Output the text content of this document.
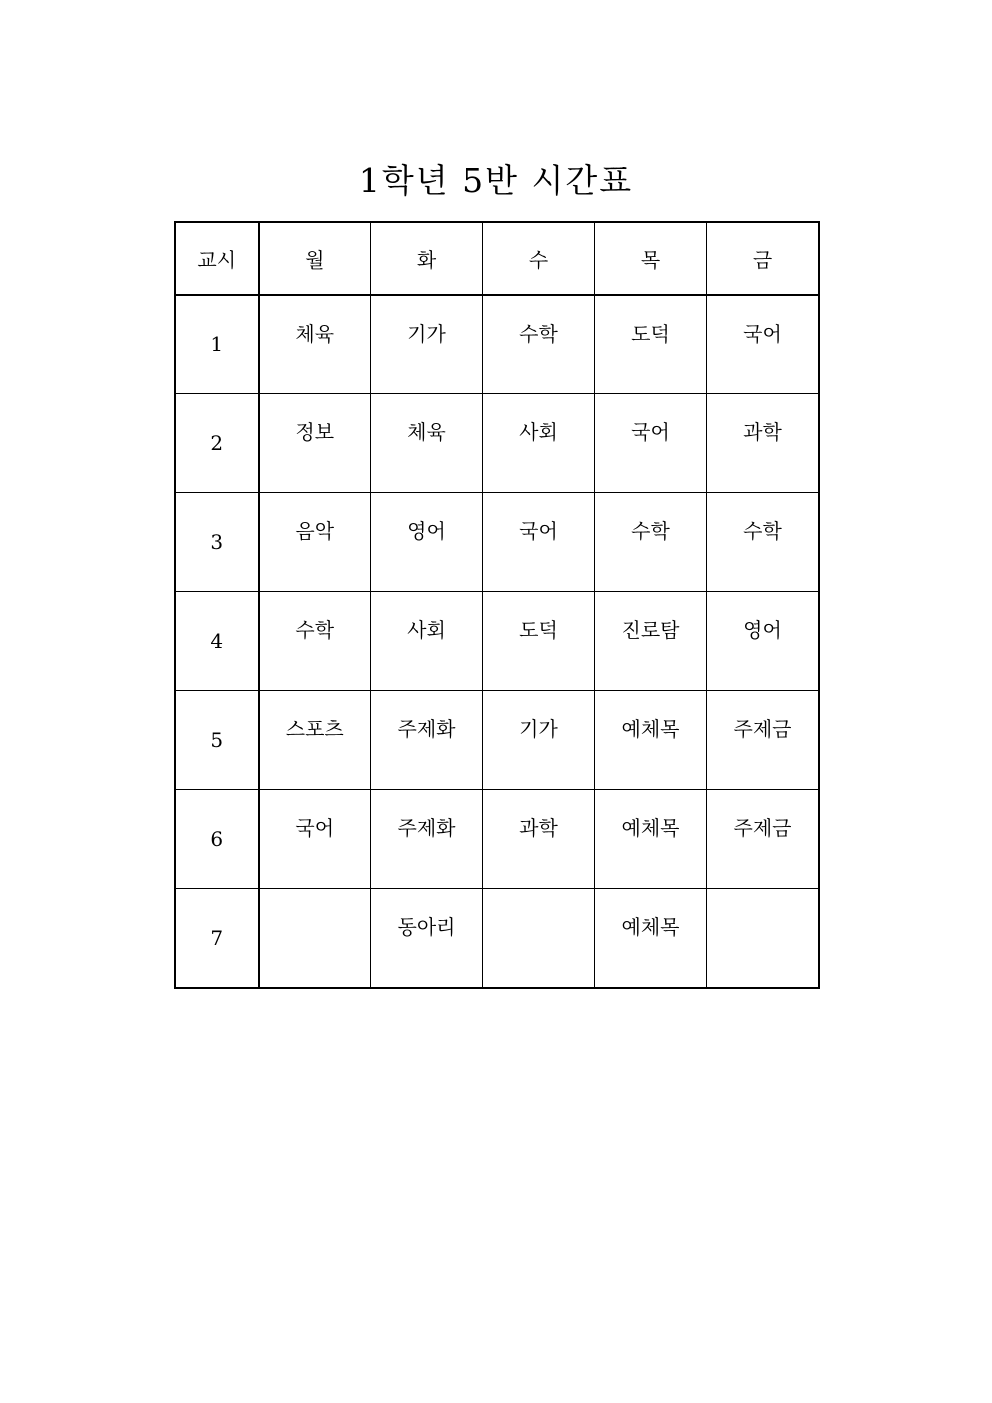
1학년 5반 시간표
교시	월	화	수	목	금
1	체육	기가	수학	도덕	국어
2	정보	체육	사회	국어	과학
3	음악	영어	국어	수학	수학
4	수학	사회	도덕	진로탐	영어
5	스포츠	주제화	기가	예체목	주제금
6	국어	주제화	과학	예체목	주제금
7		동아리		예체목	
